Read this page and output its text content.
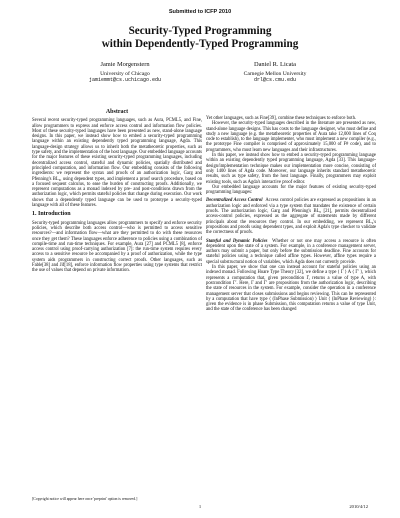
Submitted to ICFP 2010
Security-Typed Programming
within Dependently-Typed Programming
Jamie Morgenstern
University of Chicago
jamiemmt@cs.uchicago.edu
Daniel R. Licata
Carnegie Mellon University
drl@cs.cmu.edu
Abstract

Several recent security-typed programming languages, such as Aura, PCML5, and Fine, allow programmers to express and enforce access control and information flow policies. Most of these security-typed languages have been presented as new, stand-alone language designs. In this paper, we instead show how to embed a security-typed programming language within an existing dependently typed programming language, Agda. This language-design strategy allows us to inherit both the metatheoretic properties, such as type safety, and the implementation of the host language. Our embedded language accounts for the major features of these existing security-typed programming languages, including decentralized access control, stateful and dynamic policies, spatially distributed and principled computation, and information flow. Our embedding consists of the following ingredients: we represent the syntax and proofs of an authorization logic, Garg and Pfenning's BL₀, using dependent types, and implement a proof search procedure, based on a focused sequent calculus, to ease the burden of constructing proofs. Additionally, we represent computations as a monad indexed by pre- and post-conditions drawn from the authorization logic, which permits stateful policies that change during execution. Our work shows that a dependently typed language can be used to prototype a security-typed language with all of these features.

1. Introduction

Security-typed programming languages allow programmers to specify and enforce security policies, which describe both access control—who is permitted to access sensitive resources?—and information flow—what are they permitted to do with these resources once they get them? These languages enforce adherence to policies using a combination of compile-time and run-time techniques. For example, Aura [27] and PCML5 [8], enforce access control using proof-carrying authorization [7]: the run-time system requires every access to a sensitive resource be accompanied by a proof of authorization, while the type system aids programmers in constructing correct proofs. Other languages, such as Fable[38] and Jif[18], enforce information flow properties using type systems that restrict the use of values that depend on private information.

Yet other languages, such as Fine[39], combine these techniques to enforce both.

However, the security-typed languages described in the literature are presented as new, stand-alone language designs. This has costs to the language designer, who must define and study a new language (e.g. the metatheoretic properties of Aura take 12,000 lines of Coq code to establish), to the language implementer, who must implement a new compiler (e.g., the prototype Fine compiler is comprised of approximately 15,000 of F# code), and to programmers, who must learn new languages and their infrastructures.

In this paper, we instead show how to embed a security-typed programming language within an existing dependently typed programming language, Agda [33]. This language-design/implementation technique makes our implementation more concise, consisting of only 1400 lines of Agda code. Moreover, our language inherits standard metatheoretic results, such as type safety, from the host language. Finally, programmers may exploit existing tools, such as Agda's interactive proof editor.

Our embedded language accounts for the major features of existing security-typed programming languages:

Decentralized Access Control Access control policies are expressed as propositions in an authorization logic and enforced via a type system that mandates the existence of certain proofs. The authorization logic, Garg and Pfenning's BL₀ [21], permits decentralized access-control policies, expressed as the aggregate of statements made by different principals about the resources they control. In our embedding, we represent BL₀'s propositions and proofs using dependent types, and exploit Agda's type checker to validate the correctness of proofs.

Stateful and Dynamic Policies Whether or not one may access a resource is often dependent upon the state of a system. For example, in a conference management server, authors may submit a paper, but only before the submission deadline. Fine accounts for stateful policies using a technique called affine types. However, affine types require a special substructural notion of variables, which Agda does not currently provide.

In this paper, we show that one can instead account for stateful policies using an indexed monad. Following Hoare Type Theory [32], we define a type ⟨ Γ ⟩ A ⟨ Γ′ ⟩, which represents a computation that, given precondition Γ, returns a value of type A, with postcondition Γ′. Here, Γ and Γ′ are propositions from the authorization logic, describing the state of resources in the system. For example, consider the operation in a conference management server that closes submissions and begins reviewing. This can be represented by a computation that have type ⟨ (InPhase Submission) ⟩ Unit ⟨ (InPhase Reviewing) ⟩: given the evidence is in phase Submission, this computation returns a value of type Unit, and the state of the conference has been changed

[Copyright notice will appear here once 'preprint' option is removed.]
1	2010/4/12
